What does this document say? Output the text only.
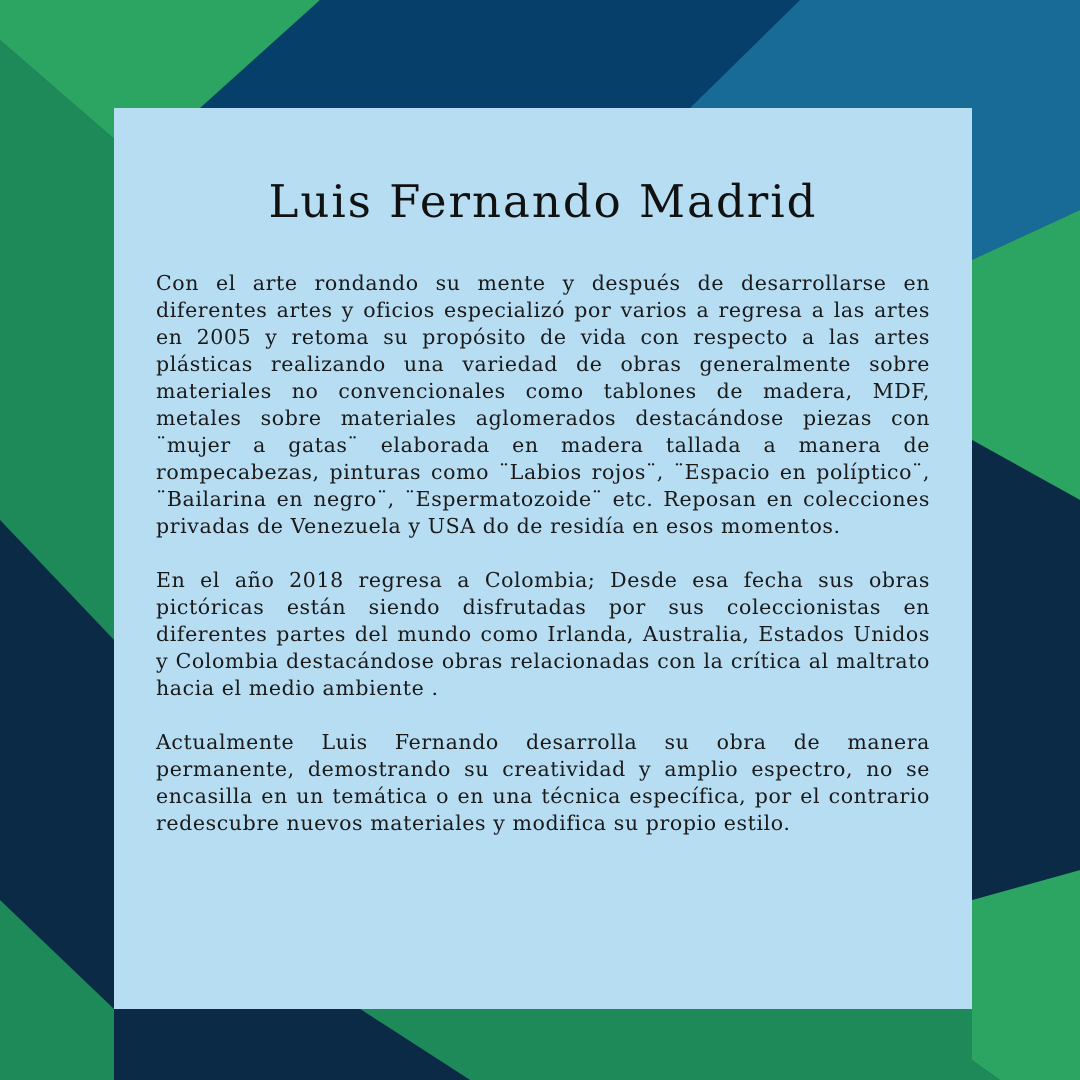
Luis Fernando Madrid

Con el arte rondando su mente y después de desarrollarse en diferentes artes y oficios especializó por varios a regresa a las artes en 2005 y retoma su propósito de vida con respecto a las artes plásticas realizando una variedad de obras generalmente sobre materiales no convencionales como tablones de madera, MDF, metales sobre materiales aglomerados destacándose piezas con ¨mujer a gatas¨ elaborada en madera tallada a manera de rompecabezas, pinturas como ¨Labios rojos¨, ¨Espacio en políptico¨, ¨Bailarina en negro¨, ¨Espermatozoide¨ etc. Reposan en colecciones privadas de Venezuela y USA do de residía en esos momentos.

En el año 2018 regresa a Colombia; Desde esa fecha sus obras pictóricas están siendo disfrutadas por sus coleccionistas en diferentes partes del mundo como Irlanda, Australia, Estados Unidos y Colombia destacándose obras relacionadas con la crítica al maltrato hacia el medio ambiente .

Actualmente Luis Fernando desarrolla su obra de manera permanente, demostrando su creatividad y amplio espectro, no se encasilla en un temática o en una técnica específica, por el contrario redescubre nuevos materiales y modifica su propio estilo.
